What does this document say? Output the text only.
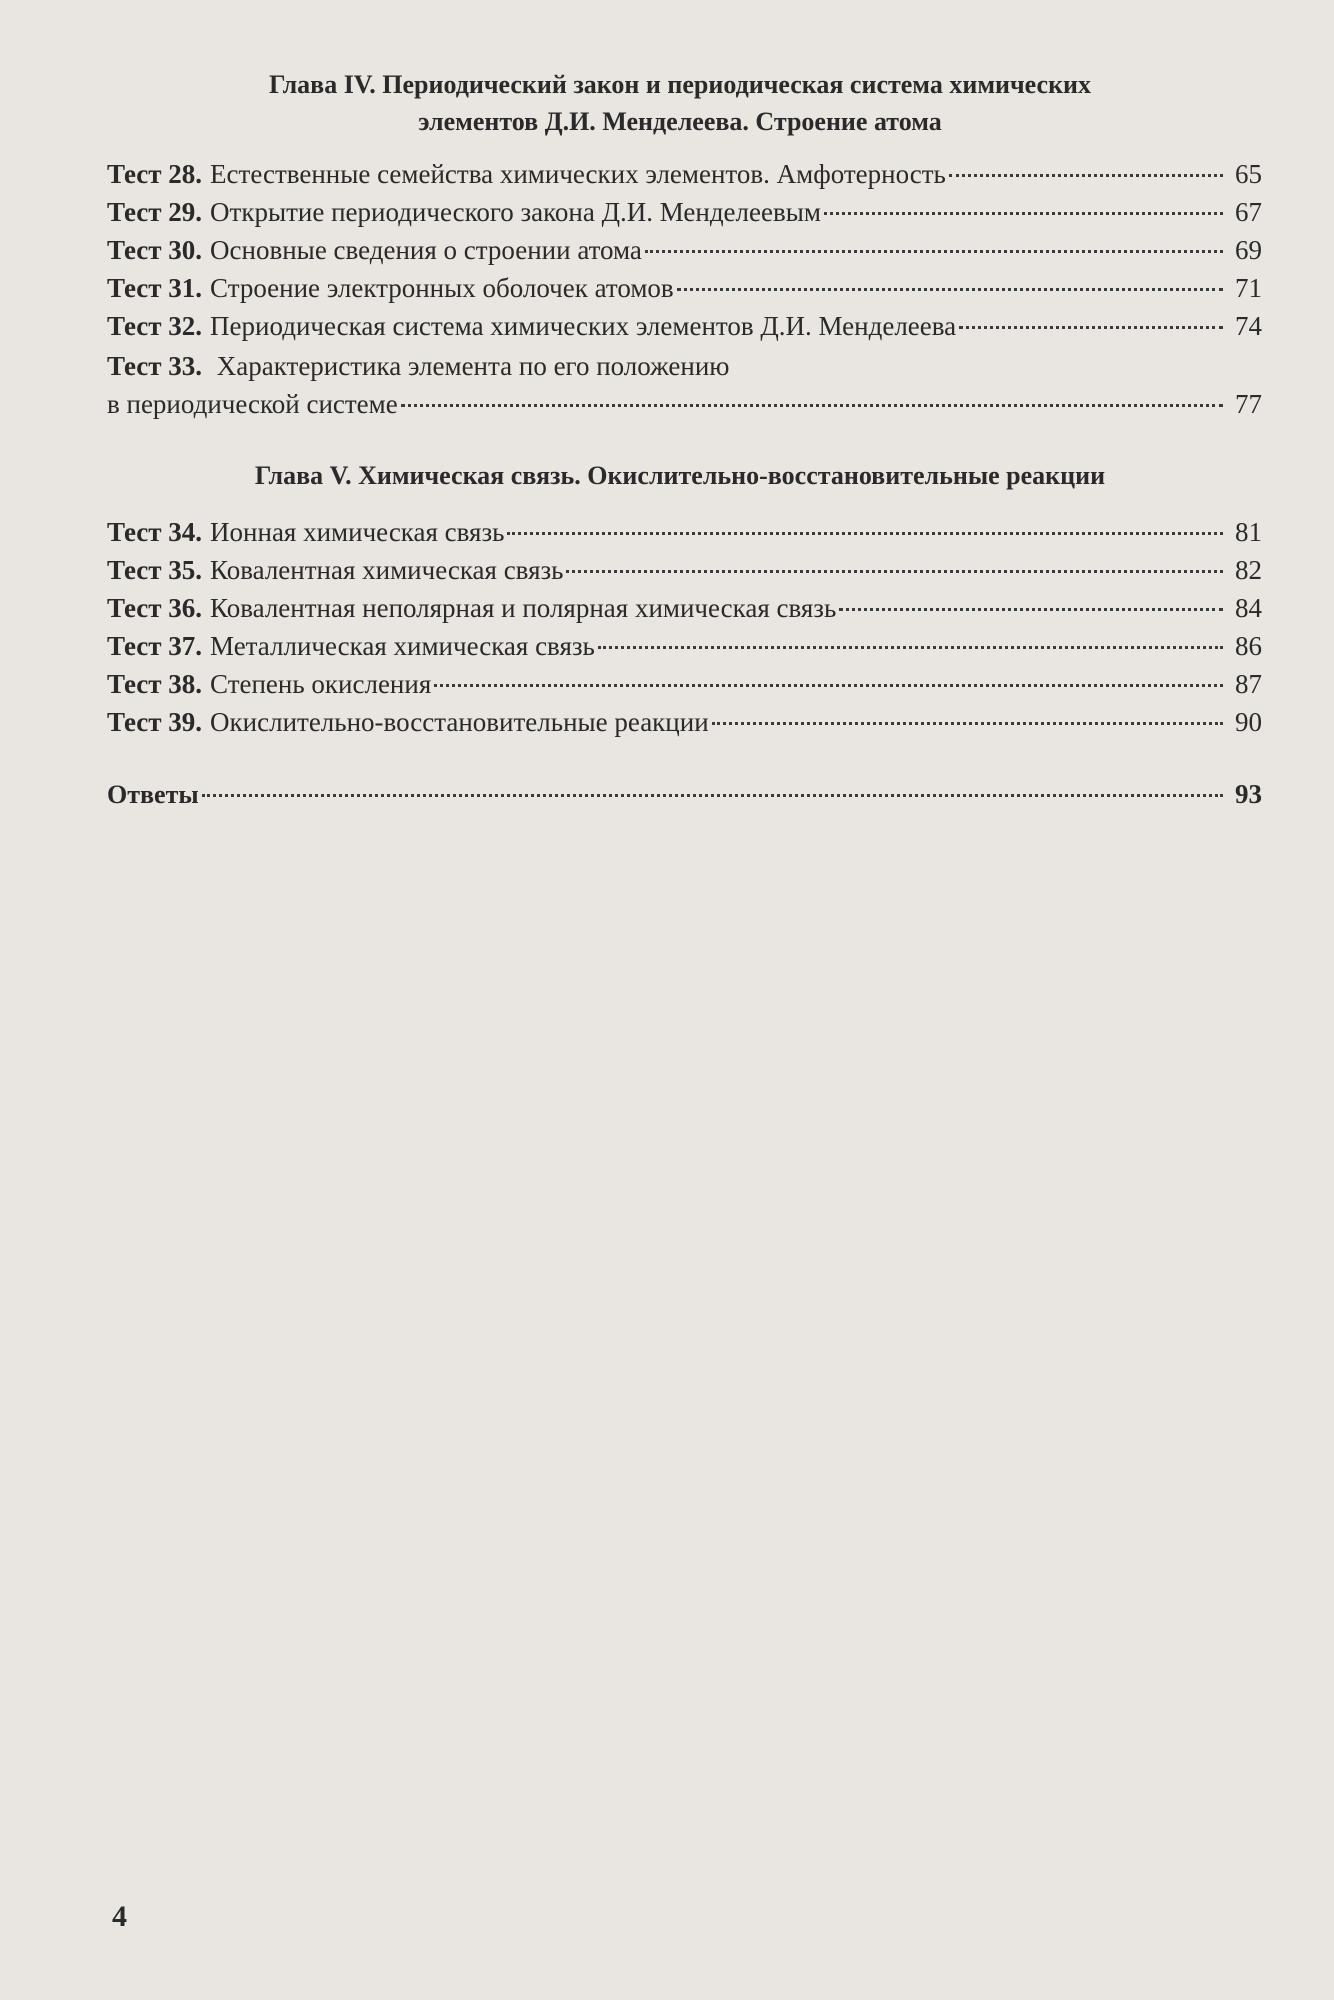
Глава IV. Периодический закон и периодическая система химических
элементов Д.И. Менделеева. Строение атома
Тест 28. Естественные семейства химических элементов. Амфотерность	65
Тест 29. Открытие периодического закона Д.И. Менделеевым	67
Тест 30. Основные сведения о строении атома	69
Тест 31. Строение электронных оболочек атомов	71
Тест 32. Периодическая система химических элементов Д.И. Менделеева	74
Тест 33. Характеристика элемента по его положению
в периодической системе	77
Глава V. Химическая связь. Окислительно-восстановительные реакции
Тест 34. Ионная химическая связь	81
Тест 35. Ковалентная химическая связь	82
Тест 36. Ковалентная неполярная и полярная химическая связь	84
Тест 37. Металлическая химическая связь	86
Тест 38. Степень окисления	87
Тест 39. Окислительно-восстановительные реакции	90
Ответы	93
4
